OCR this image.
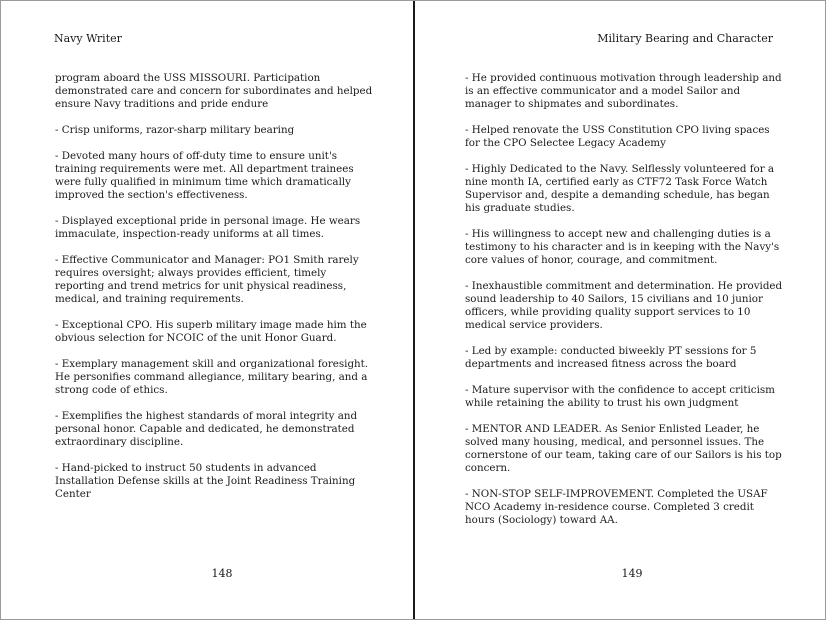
Navy Writer

program aboard the USS MISSOURI. Participation demonstrated care and concern for subordinates and helped ensure Navy traditions and pride endure

- Crisp uniforms, razor-sharp military bearing

- Devoted many hours of off-duty time to ensure unit's training requirements were met. All department trainees were fully qualified in minimum time which dramatically improved the section's effectiveness.

- Displayed exceptional pride in personal image. He wears immaculate, inspection-ready uniforms at all times.

- Effective Communicator and Manager: PO1 Smith rarely requires oversight; always provides efficient, timely reporting and trend metrics for unit physical readiness, medical, and training requirements.

- Exceptional CPO. His superb military image made him the obvious selection for NCOIC of the unit Honor Guard.

- Exemplary management skill and organizational foresight. He personifies command allegiance, military bearing, and a strong code of ethics.

- Exemplifies the highest standards of moral integrity and personal honor. Capable and dedicated, he demonstrated extraordinary discipline.

- Hand-picked to instruct 50 students in advanced Installation Defense skills at the Joint Readiness Training Center

148
Military Bearing and Character

- He provided continuous motivation through leadership and is an effective communicator and a model Sailor and manager to shipmates and subordinates.

- Helped renovate the USS Constitution CPO living spaces for the CPO Selectee Legacy Academy

- Highly Dedicated to the Navy. Selflessly volunteered for a nine month IA, certified early as CTF72 Task Force Watch Supervisor and, despite a demanding schedule, has began his graduate studies.

- His willingness to accept new and challenging duties is a testimony to his character and is in keeping with the Navy's core values of honor, courage, and commitment.

- Inexhaustible commitment and determination. He provided sound leadership to 40 Sailors, 15 civilians and 10 junior officers, while providing quality support services to 10 medical service providers.

- Led by example: conducted biweekly PT sessions for 5 departments and increased fitness across the board

- Mature supervisor with the confidence to accept criticism while retaining the ability to trust his own judgment

- MENTOR AND LEADER. As Senior Enlisted Leader, he solved many housing, medical, and personnel issues. The cornerstone of our team, taking care of our Sailors is his top concern.

- NON-STOP SELF-IMPROVEMENT. Completed the USAF NCO Academy in-residence course. Completed 3 credit hours (Sociology) toward AA.

149
